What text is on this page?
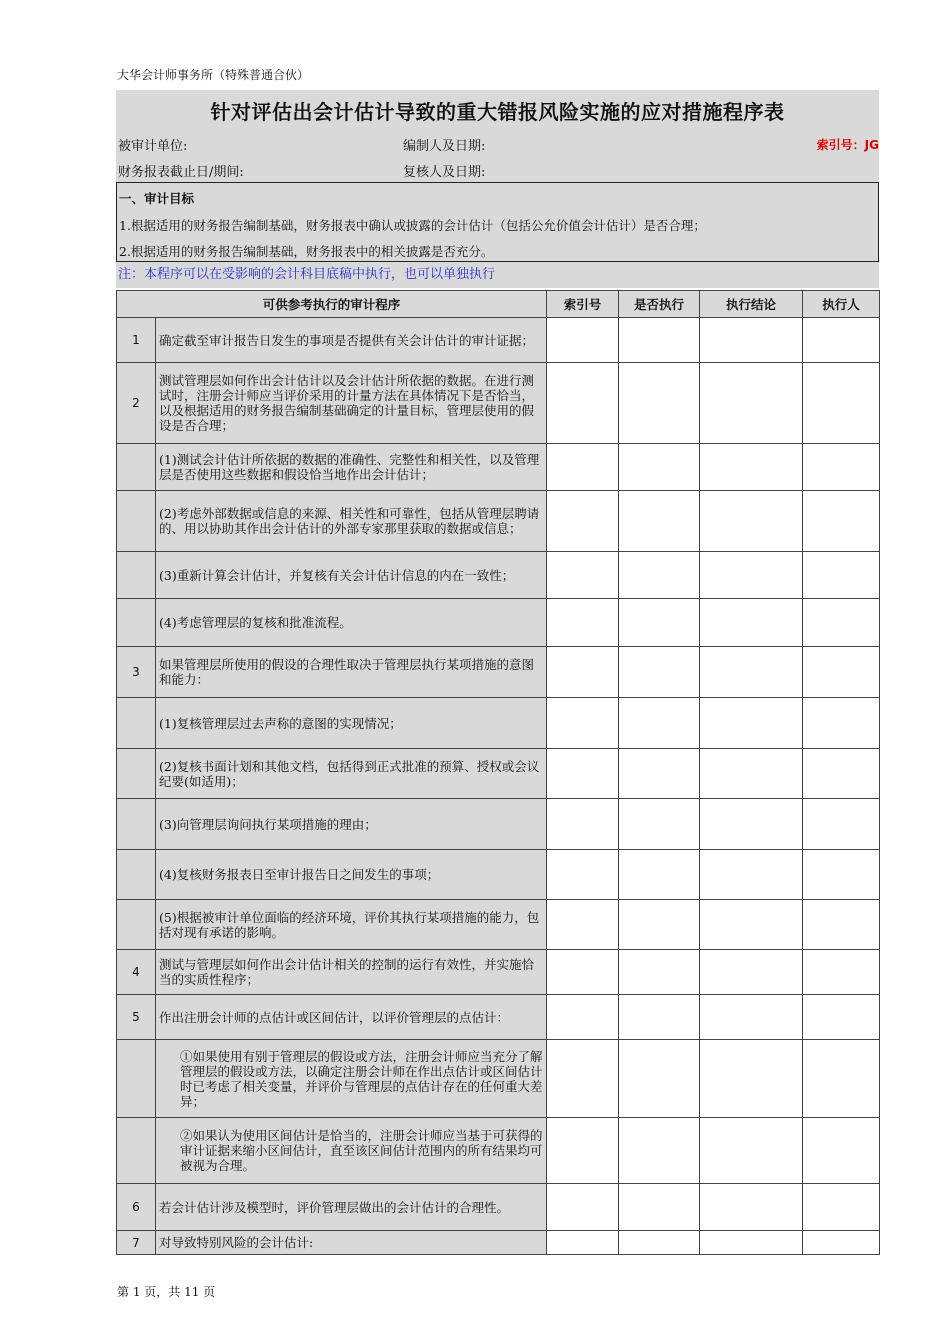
大华会计师事务所（特殊普通合伙）
针对评估出会计估计导致的重大错报风险实施的应对措施程序表
被审计单位:	编制人及日期:	索引号：JG
财务报表截止日/期间:	复核人及日期:
一、审计目标
1.根据适用的财务报告编制基础，财务报表中确认或披露的会计估计（包括公允价值会计估计）是否合理；
2.根据适用的财务报告编制基础，财务报表中的相关披露是否充分。
注：本程序可以在受影响的会计科目底稿中执行，也可以单独执行
可供参考执行的审计程序		索引号	是否执行	执行结论	执行人
1	确定截至审计报告日发生的事项是否提供有关会计估计的审计证据；				
2	测试管理层如何作出会计估计以及会计估计所依据的数据。在进行测试时，注册会计师应当评价采用的计量方法在具体情况下是否恰当，以及根据适用的财务报告编制基础确定的计量目标，管理层使用的假设是否合理；				
	(1)测试会计估计所依据的数据的准确性、完整性和相关性，以及管理层是否使用这些数据和假设恰当地作出会计估计；				
	(2)考虑外部数据或信息的来源、相关性和可靠性，包括从管理层聘请的、用以协助其作出会计估计的外部专家那里获取的数据或信息；				
	(3)重新计算会计估计，并复核有关会计估计信息的内在一致性；				
	(4)考虑管理层的复核和批准流程。				
3	如果管理层所使用的假设的合理性取决于管理层执行某项措施的意图和能力：				
	(1)复核管理层过去声称的意图的实现情况；				
	(2)复核书面计划和其他文档，包括得到正式批准的预算、授权或会议纪要(如适用)；				
	(3)向管理层询问执行某项措施的理由；				
	(4)复核财务报表日至审计报告日之间发生的事项；				
	(5)根据被审计单位面临的经济环境，评价其执行某项措施的能力，包括对现有承诺的影响。				
4	测试与管理层如何作出会计估计相关的控制的运行有效性，并实施恰当的实质性程序；				
5	作出注册会计师的点估计或区间估计，以评价管理层的点估计：				
	①如果使用有别于管理层的假设或方法，注册会计师应当充分了解管理层的假设或方法，以确定注册会计师在作出点估计或区间估计时已考虑了相关变量，并评价与管理层的点估计存在的任何重大差异；				
	②如果认为使用区间估计是恰当的，注册会计师应当基于可获得的审计证据来缩小区间估计，直至该区间估计范围内的所有结果均可被视为合理。				
6	若会计估计涉及模型时，评价管理层做出的会计估计的合理性。				
7	对导致特别风险的会计估计:				
第 1 页，共 11 页
